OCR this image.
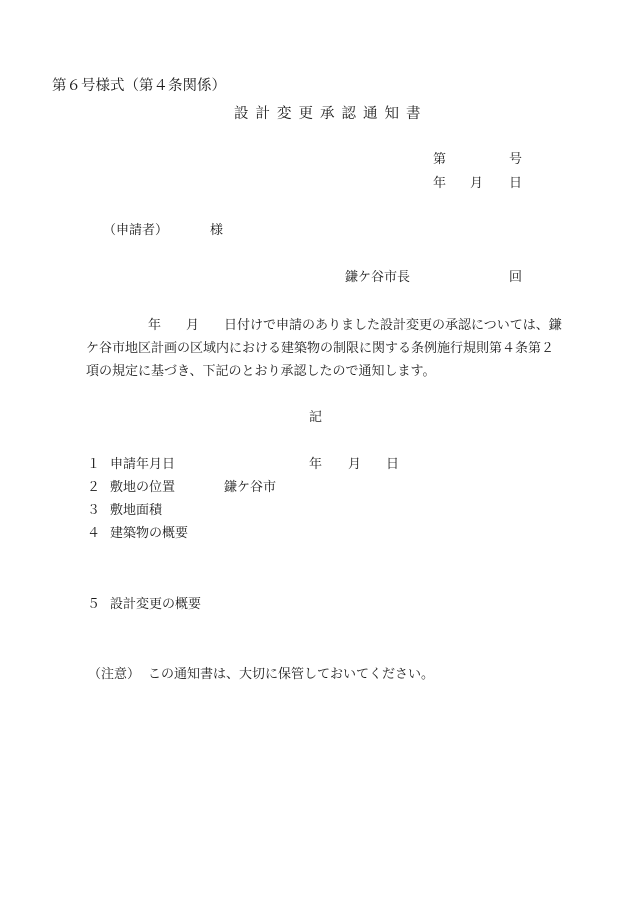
第６号様式（第４条関係）
設計変更承認通知書
第	号
年 月 日
（申請者）	様
鎌ケ谷市長	回
年 月 日付けで申請のありました設計変更の承認については、鎌
ケ谷市地区計画の区域内における建築物の制限に関する条例施行規則第４条第２
項の規定に基づき、下記のとおり承認したので通知します。
記
１ 申請年月日	年 月 日
２ 敷地の位置	鎌ケ谷市
３ 敷地面積
４ 建築物の概要
５ 設計変更の概要
（注意） この通知書は、大切に保管しておいてください。
